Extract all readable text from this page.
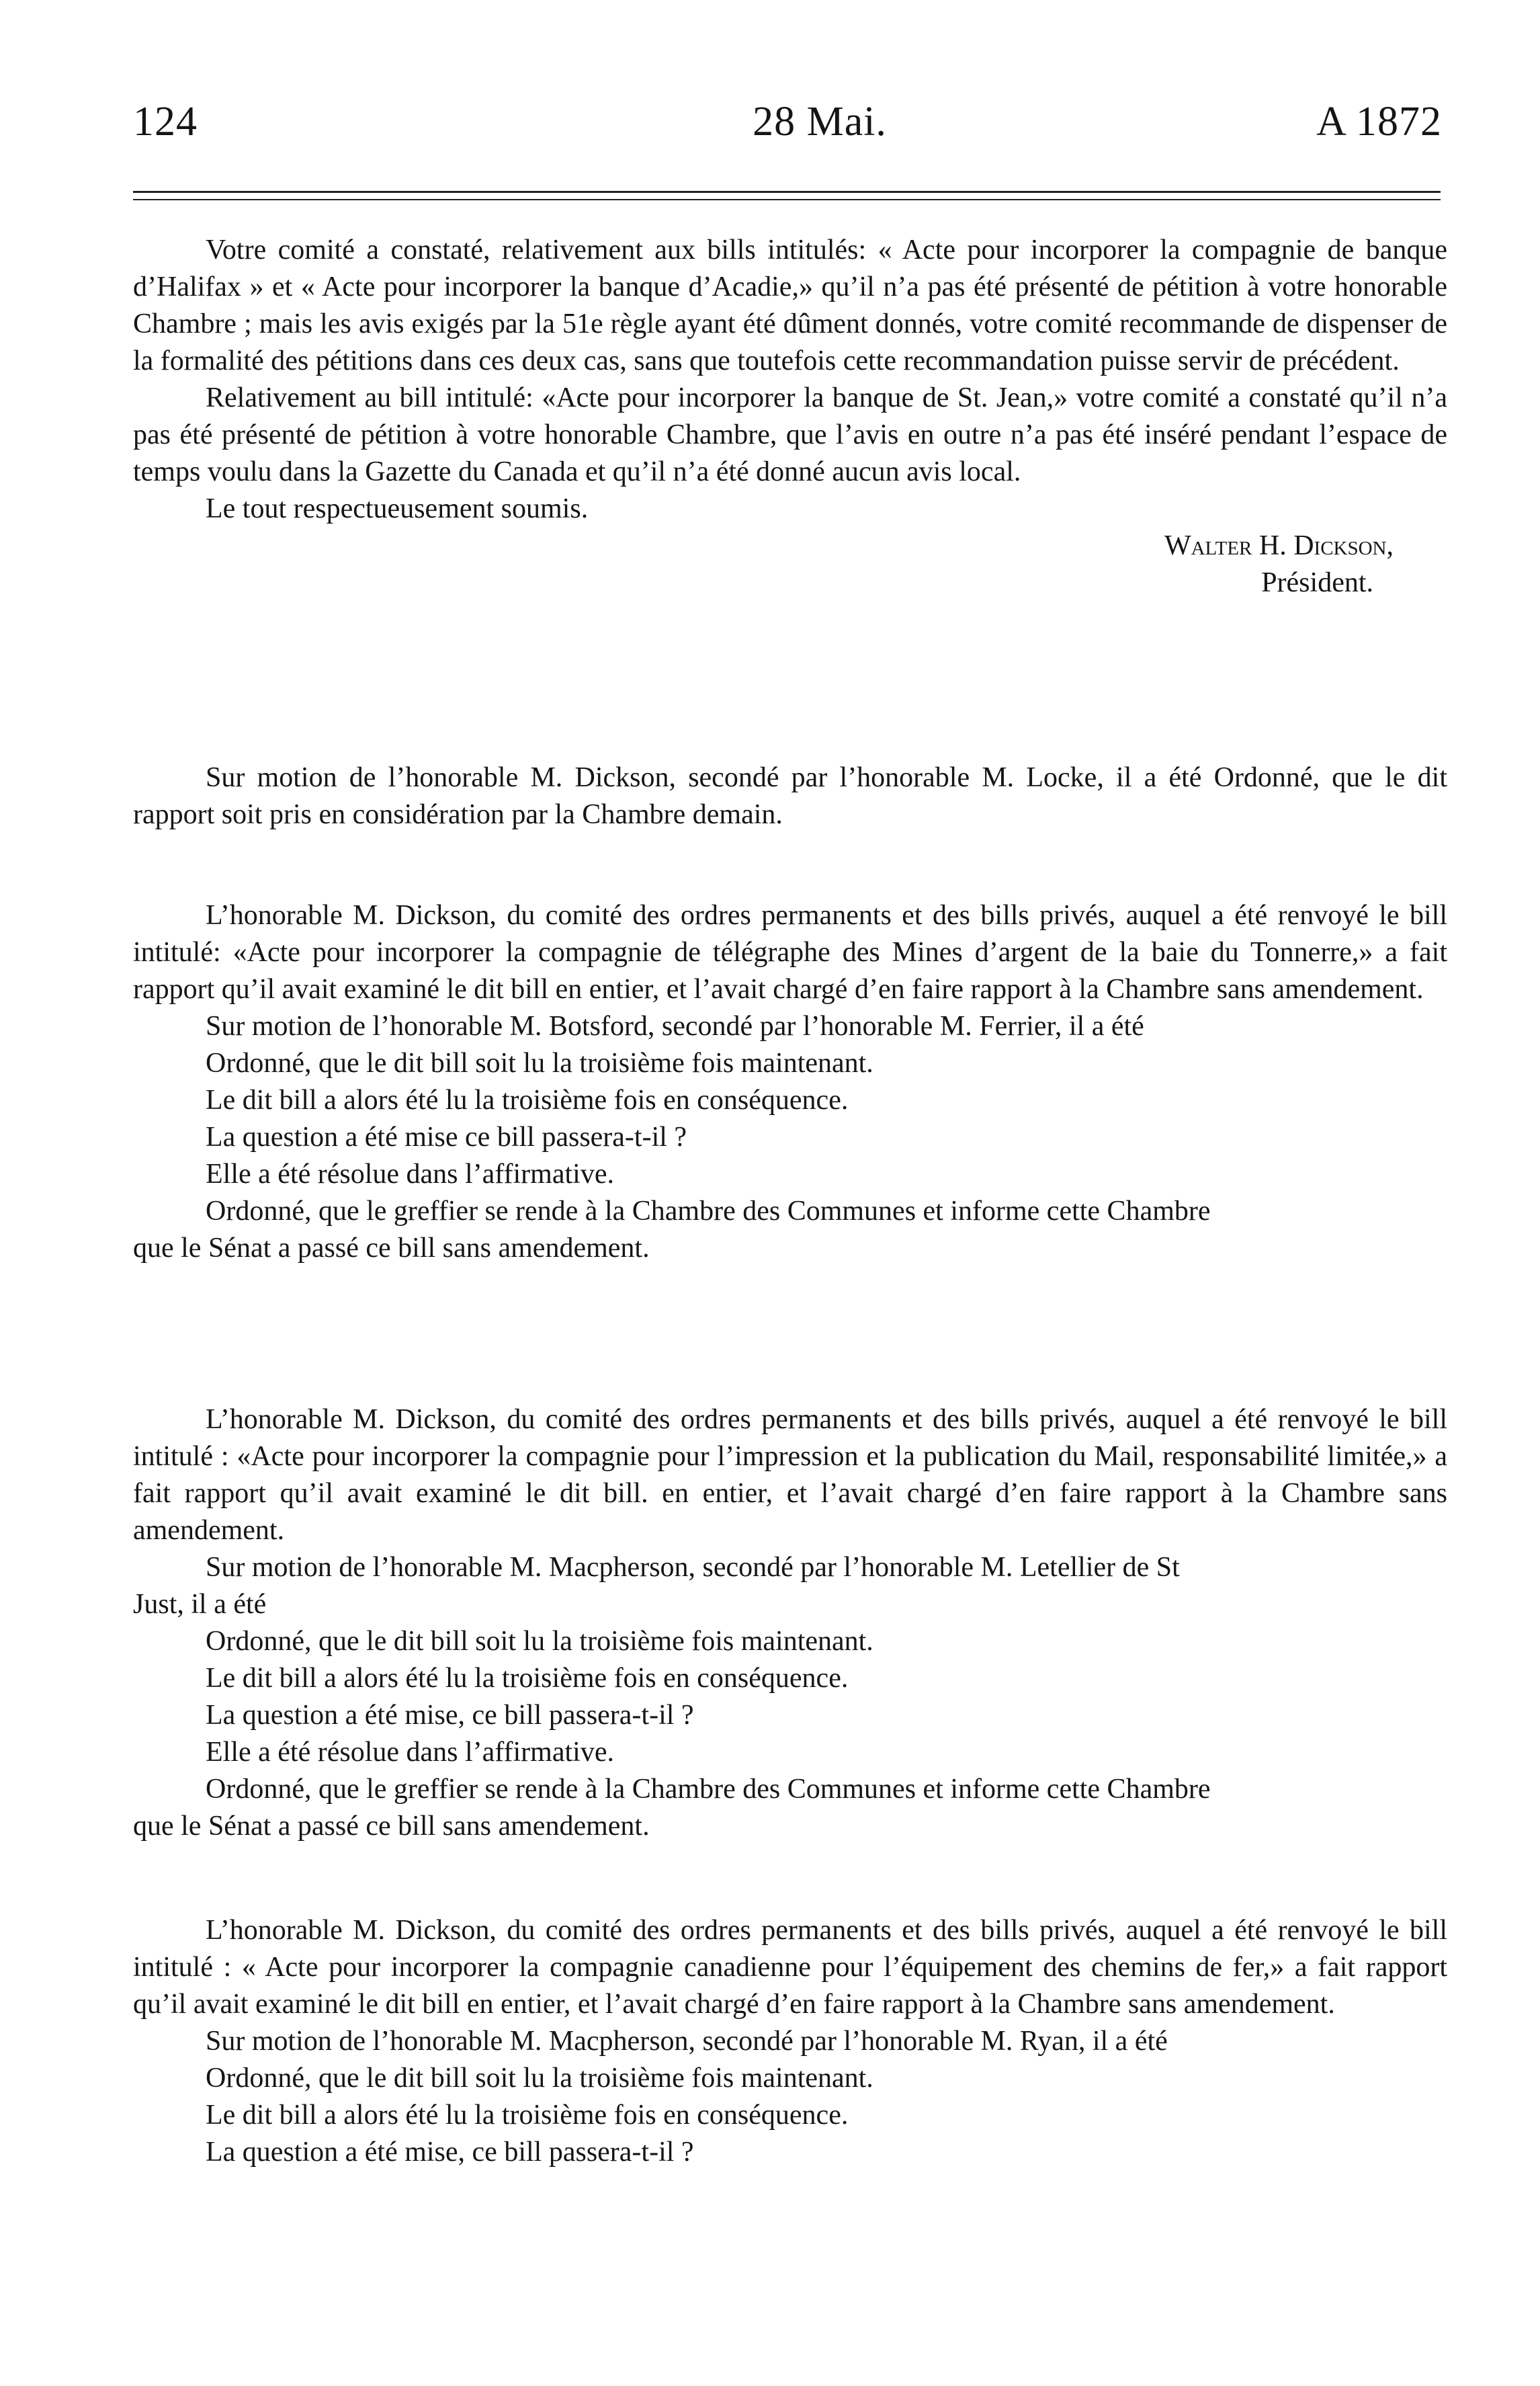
124	28 Mai.	A 1872

Votre comité a constaté, relativement aux bills intitulés: « Acte pour incorporer la compagnie de banque d’Halifax » et « Acte pour incorporer la banque d’Acadie,» qu’il n’a pas été présenté de pétition à votre honorable Chambre ; mais les avis exigés par la 51e règle ayant été dûment donnés, votre comité recommande de dispenser de la formalité des pétitions dans ces deux cas, sans que toutefois cette recommandation puisse servir de précédent.

Relativement au bill intitulé: «Acte pour incorporer la banque de St. Jean,» votre comité a constaté qu’il n’a pas été présenté de pétition à votre honorable Chambre, que l’avis en outre n’a pas été inséré pendant l’espace de temps voulu dans la Gazette du Canada et qu’il n’a été donné aucun avis local.

Le tout respectueusement soumis.

Walter H. Dickson,

Président.

Sur motion de l’honorable M. Dickson, secondé par l’honorable M. Locke, il a été Ordonné, que le dit rapport soit pris en considération par la Chambre demain.

L’honorable M. Dickson, du comité des ordres permanents et des bills privés, auquel a été renvoyé le bill intitulé: «Acte pour incorporer la compagnie de télégraphe des Mines d’argent de la baie du Tonnerre,» a fait rapport qu’il avait examiné le dit bill en entier, et l’avait chargé d’en faire rapport à la Chambre sans amendement.

Sur motion de l’honorable M. Botsford, secondé par l’honorable M. Ferrier, il a été

Ordonné, que le dit bill soit lu la troisième fois maintenant.

Le dit bill a alors été lu la troisième fois en conséquence.

La question a été mise ce bill passera-t-il ?

Elle a été résolue dans l’affirmative.

Ordonné, que le greffier se rende à la Chambre des Communes et informe cette Chambre

que le Sénat a passé ce bill sans amendement.

L’honorable M. Dickson, du comité des ordres permanents et des bills privés, auquel a été renvoyé le bill intitulé : «Acte pour incorporer la compagnie pour l’impression et la publication du Mail, responsabilité limitée,» a fait rapport qu’il avait examiné le dit bill. en entier, et l’avait chargé d’en faire rapport à la Chambre sans amendement.

Sur motion de l’honorable M. Macpherson, secondé par l’honorable M. Letellier de St

Just, il a été

Ordonné, que le dit bill soit lu la troisième fois maintenant.

Le dit bill a alors été lu la troisième fois en conséquence.

La question a été mise, ce bill passera-t-il ?

Elle a été résolue dans l’affirmative.

Ordonné, que le greffier se rende à la Chambre des Communes et informe cette Chambre

que le Sénat a passé ce bill sans amendement.

L’honorable M. Dickson, du comité des ordres permanents et des bills privés, auquel a été renvoyé le bill intitulé : « Acte pour incorporer la compagnie canadienne pour l’équipement des chemins de fer,» a fait rapport qu’il avait examiné le dit bill en entier, et l’avait chargé d’en faire rapport à la Chambre sans amendement.

Sur motion de l’honorable M. Macpherson, secondé par l’honorable M. Ryan, il a été

Ordonné, que le dit bill soit lu la troisième fois maintenant.

Le dit bill a alors été lu la troisième fois en conséquence.

La question a été mise, ce bill passera-t-il ?
